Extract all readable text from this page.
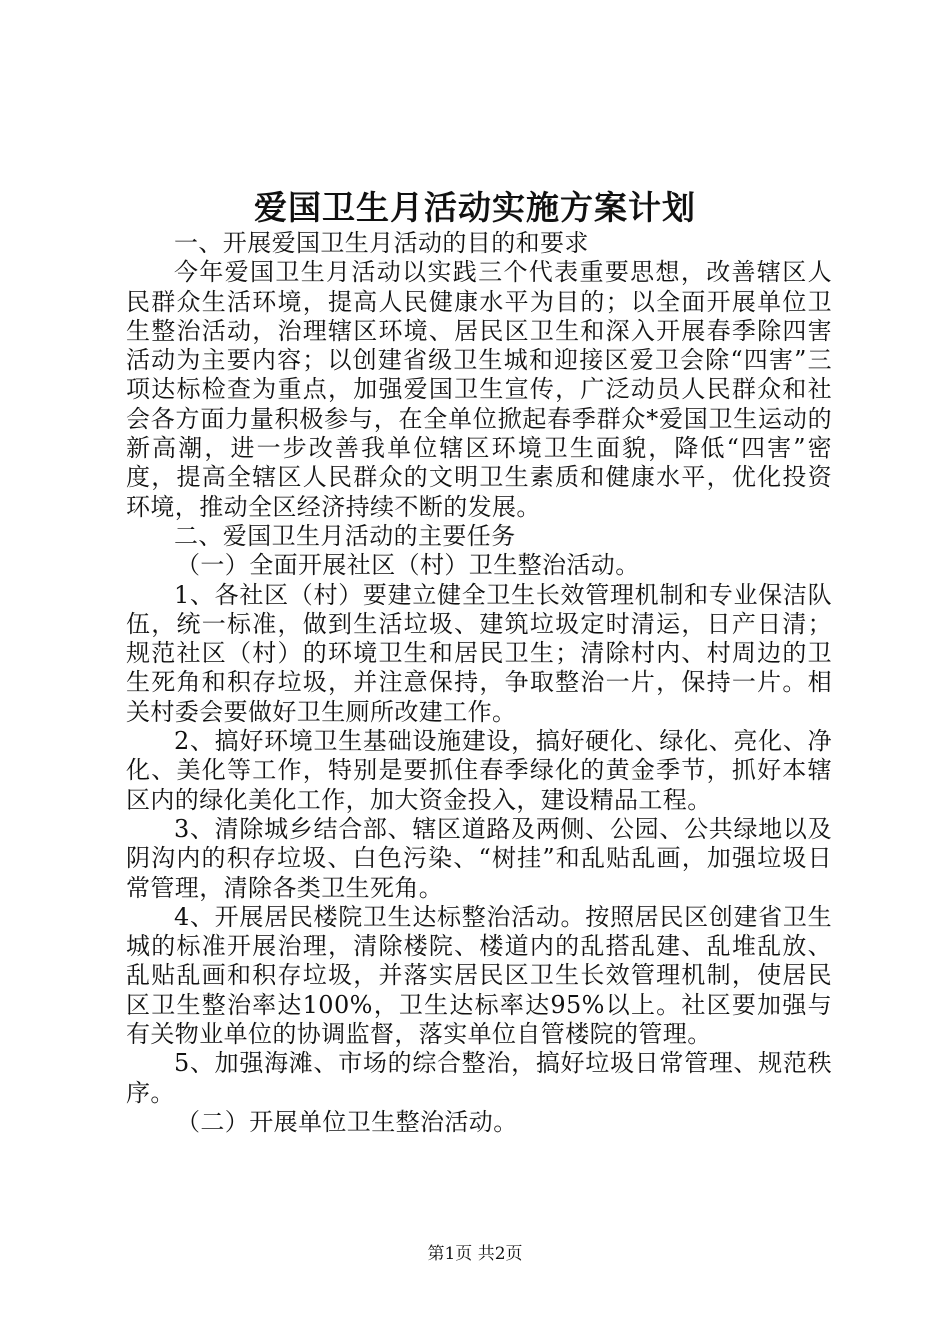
爱国卫生月活动实施方案计划

一、开展爱国卫生月活动的目的和要求

今年爱国卫生月活动以实践三个代表重要思想，改善辖区人民群众生活环境，提高人民健康水平为目的；以全面开展单位卫生整治活动，治理辖区环境、居民区卫生和深入开展春季除四害活动为主要内容；以创建省级卫生城和迎接区爱卫会除“四害”三项达标检查为重点，加强爱国卫生宣传，广泛动员人民群众和社会各方面力量积极参与，在全单位掀起春季群众*爱国卫生运动的新高潮，进一步改善我单位辖区环境卫生面貌，降低“四害”密度，提高全辖区人民群众的文明卫生素质和健康水平，优化投资环境，推动全区经济持续不断的发展。

二、爱国卫生月活动的主要任务

（一）全面开展社区（村）卫生整治活动。

1、各社区（村）要建立健全卫生长效管理机制和专业保洁队伍，统一标准，做到生活垃圾、建筑垃圾定时清运，日产日清；规范社区（村）的环境卫生和居民卫生；清除村内、村周边的卫生死角和积存垃圾，并注意保持，争取整治一片，保持一片。相关村委会要做好卫生厕所改建工作。

2、搞好环境卫生基础设施建设，搞好硬化、绿化、亮化、净化、美化等工作，特别是要抓住春季绿化的黄金季节，抓好本辖区内的绿化美化工作，加大资金投入，建设精品工程。

3、清除城乡结合部、辖区道路及两侧、公园、公共绿地以及阴沟内的积存垃圾、白色污染、“树挂”和乱贴乱画，加强垃圾日常管理，清除各类卫生死角。

4、开展居民楼院卫生达标整治活动。按照居民区创建省卫生城的标准开展治理，清除楼院、楼道内的乱搭乱建、乱堆乱放、乱贴乱画和积存垃圾，并落实居民区卫生长效管理机制，使居民区卫生整治率达100%，卫生达标率达95%以上。社区要加强与有关物业单位的协调监督，落实单位自管楼院的管理。

5、加强海滩、市场的综合整治，搞好垃圾日常管理、规范秩序。

（二）开展单位卫生整治活动。

第1页 共2页
